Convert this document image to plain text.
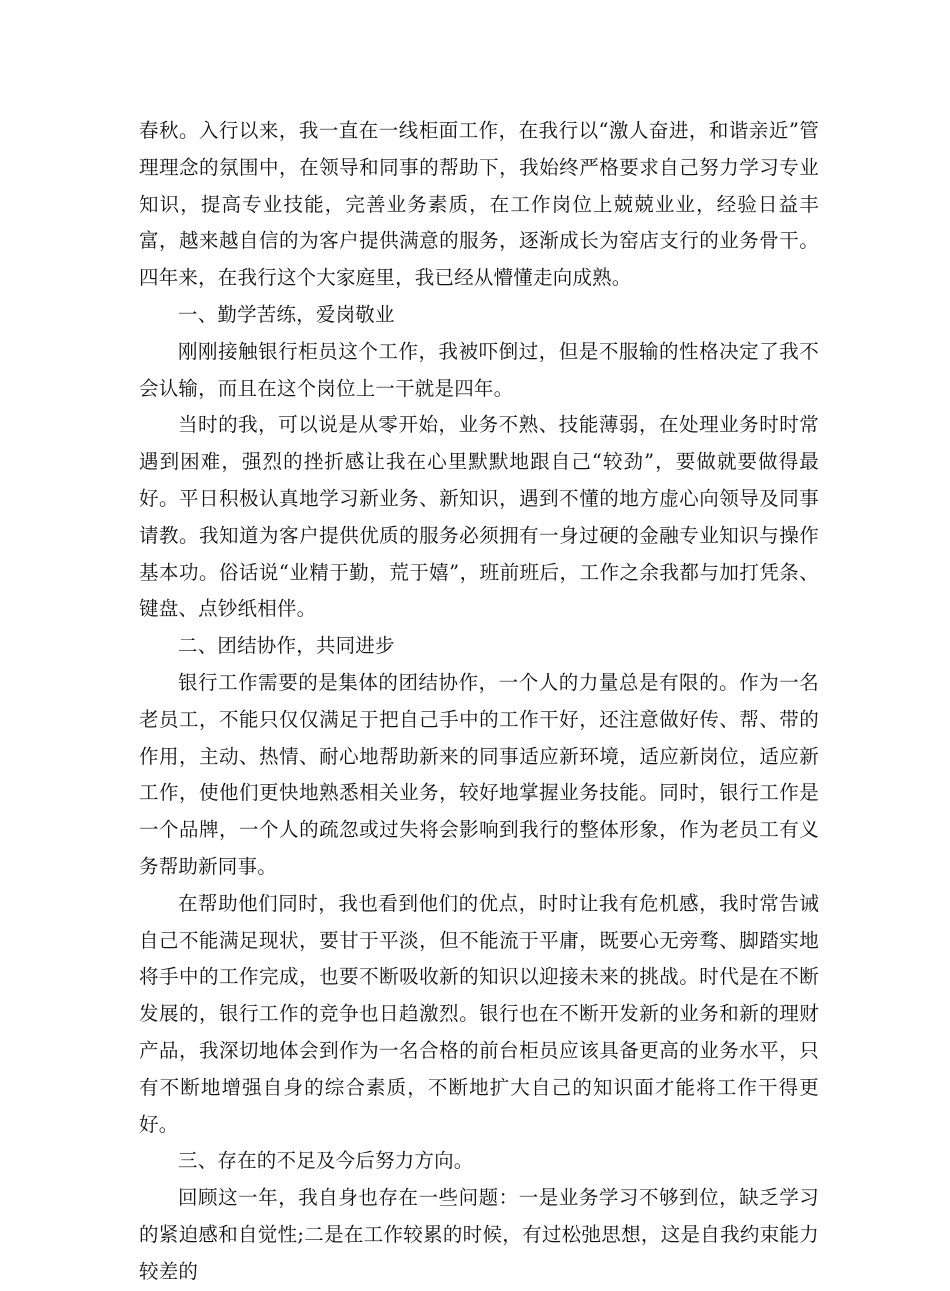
春秋。入行以来，我一直在一线柜面工作，在我行以“激人奋进，和谐亲近”管理理念的氛围中，在领导和同事的帮助下，我始终严格要求自己努力学习专业知识，提高专业技能，完善业务素质，在工作岗位上兢兢业业，经验日益丰富，越来越自信的为客户提供满意的服务，逐渐成长为窑店支行的业务骨干。四年来，在我行这个大家庭里，我已经从懵懂走向成熟。

一、勤学苦练，爱岗敬业

刚刚接触银行柜员这个工作，我被吓倒过，但是不服输的性格决定了我不会认输，而且在这个岗位上一干就是四年。

当时的我，可以说是从零开始，业务不熟、技能薄弱，在处理业务时时常遇到困难，强烈的挫折感让我在心里默默地跟自己“较劲”，要做就要做得最好。平日积极认真地学习新业务、新知识，遇到不懂的地方虚心向领导及同事请教。我知道为客户提供优质的服务必须拥有一身过硬的金融专业知识与操作基本功。俗话说“业精于勤，荒于嬉”，班前班后，工作之余我都与加打凭条、键盘、点钞纸相伴。

二、团结协作，共同进步

银行工作需要的是集体的团结协作，一个人的力量总是有限的。作为一名老员工，不能只仅仅满足于把自己手中的工作干好，还注意做好传、帮、带的作用，主动、热情、耐心地帮助新来的同事适应新环境，适应新岗位，适应新工作，使他们更快地熟悉相关业务，较好地掌握业务技能。同时，银行工作是一个品牌，一个人的疏忽或过失将会影响到我行的整体形象，作为老员工有义务帮助新同事。

在帮助他们同时，我也看到他们的优点，时时让我有危机感，我时常告诫自己不能满足现状，要甘于平淡，但不能流于平庸，既要心无旁骛、脚踏实地将手中的工作完成，也要不断吸收新的知识以迎接未来的挑战。时代是在不断发展的，银行工作的竞争也日趋激烈。银行也在不断开发新的业务和新的理财产品，我深切地体会到作为一名合格的前台柜员应该具备更高的业务水平，只有不断地增强自身的综合素质，不断地扩大自己的知识面才能将工作干得更好。

三、存在的不足及今后努力方向。

回顾这一年，我自身也存在一些问题：一是业务学习不够到位，缺乏学习的紧迫感和自觉性;二是在工作较累的时候，有过松弛思想，这是自我约束能力较差的
